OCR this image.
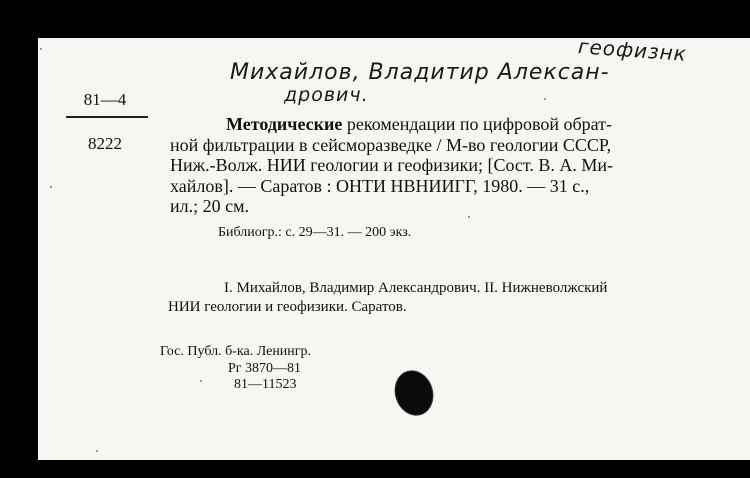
геофизнк
Михайлов, Владитир Алексан-
дрович.
81—4
8222
Методические рекомендации по цифровой обрат-
ной фильтрации в сейсморазведке / М-во геологии СССР,
Ниж.-Волж. НИИ геологии и геофизики; [Сост. В. А. Ми-
хайлов]. — Саратов : ОНТИ НВНИИГГ, 1980. — 31 с.,
ил.; 20 см.
Библиогр.: с. 29—31. — 200 экз.
I. Михайлов, Владимир Александрович. II. Нижневолжский
НИИ геологии и геофизики. Саратов.
Гос. Публ. б-ка. Ленингр.
Рг 3870—81
81—11523
